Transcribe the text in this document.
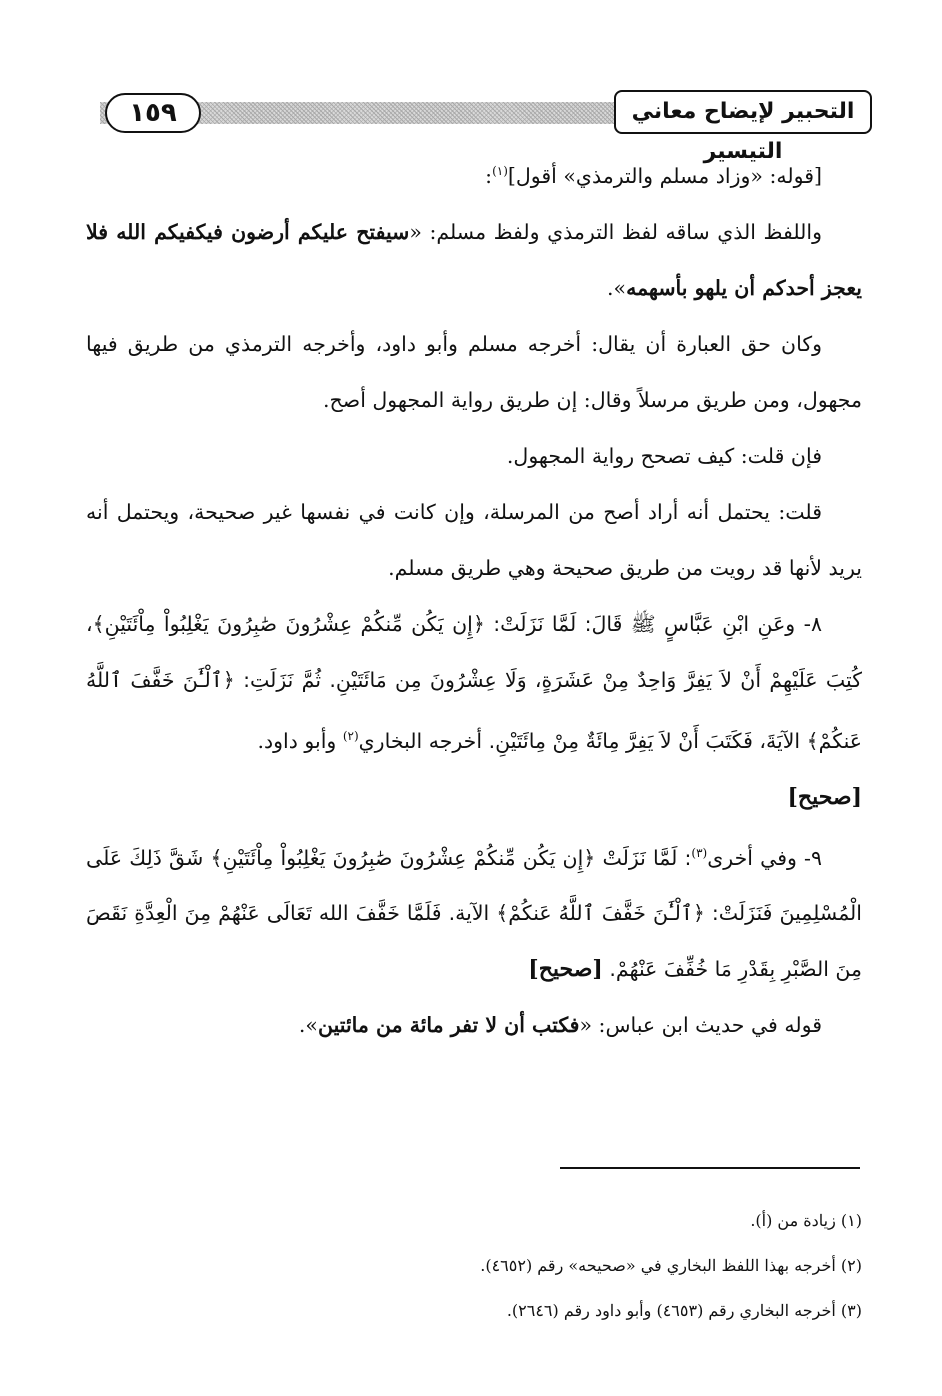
١٥٩	التحبير لإيضاح معاني التيسير

[قوله: «وزاد مسلم والترمذي» أقول]$^{(١)}$:

واللفظ الذي ساقه لفظ الترمذي ولفظ مسلم: «سيفتح عليكم أرضون فيكفيكم الله فلا يعجز أحدكم أن يلهو بأسهمه».

وكان حق العبارة أن يقال: أخرجه مسلم وأبو داود، وأخرجه الترمذي من طريق فيها مجهول، ومن طريق مرسلاً وقال: إن طريق رواية المجهول أصح.

فإن قلت: كيف تصحح رواية المجهول.

قلت: يحتمل أنه أراد أصح من المرسلة، وإن كانت في نفسها غير صحيحة، ويحتمل أنه يريد لأنها قد رويت من طريق صحيحة وهي طريق مسلم.

٨- وعَنِ ابْنِ عَبَّاسٍ ﷺ قَالَ: لَمَّا نَزَلَتْ: ﴿إِن يَكُن مِّنكُمْ عِشْرُونَ صَٰبِرُونَ يَغْلِبُواْ مِاْئَتَيْنِ﴾، كُتِبَ عَلَيْهِمْ أَنْ لاَ يَفِرَّ وَاحِدٌ مِنْ عَشَرَةٍ، وَلَا عِشْرُونَ مِن مَائَتَيْنِ. ثُمَّ نَزَلَتِ: ﴿ٱلْـَٰٔنَ خَفَّفَ ٱللَّهُ عَنكُمْ﴾ الآيَةَ، فَكَتَبَ أَنْ لاَ يَفِرَّ مِائَةٌ مِنْ مِائَتَيْنِ. أخرجه البخاري$^{(٢)}$ وأبو داود.
[صحيح]

٩- وفي أخرى$^{(٣)}$: لَمَّا نَزَلَتْ ﴿إِن يَكُن مِّنكُمْ عِشْرُونَ صَٰبِرُونَ يَغْلِبُواْ مِاْئَتَيْنِ﴾ شَقَّ ذَلِكَ عَلَى الْمُسْلِمِينَ فَنَزَلَتْ: ﴿ٱلْـَٰٔنَ خَفَّفَ ٱللَّهُ عَنكُمْ﴾ الآية. فَلَمَّا خَفَّفَ الله تَعَالَى عَنْهُمْ مِنَ الْعِدَّةِ نَقَصَ مِنَ الصَّبْرِ بِقَدْرِ مَا خُفِّفَ عَنْهُمْ. [صحيح]

قوله في حديث ابن عباس: «فكتب أن لا تفر مائة من مائتين».

(١) زيادة من (أ).

(٢) أخرجه بهذا اللفظ البخاري في «صحيحه» رقم (٤٦٥٢).

(٣) أخرجه البخاري رقم (٤٦٥٣) وأبو داود رقم (٢٦٤٦).
